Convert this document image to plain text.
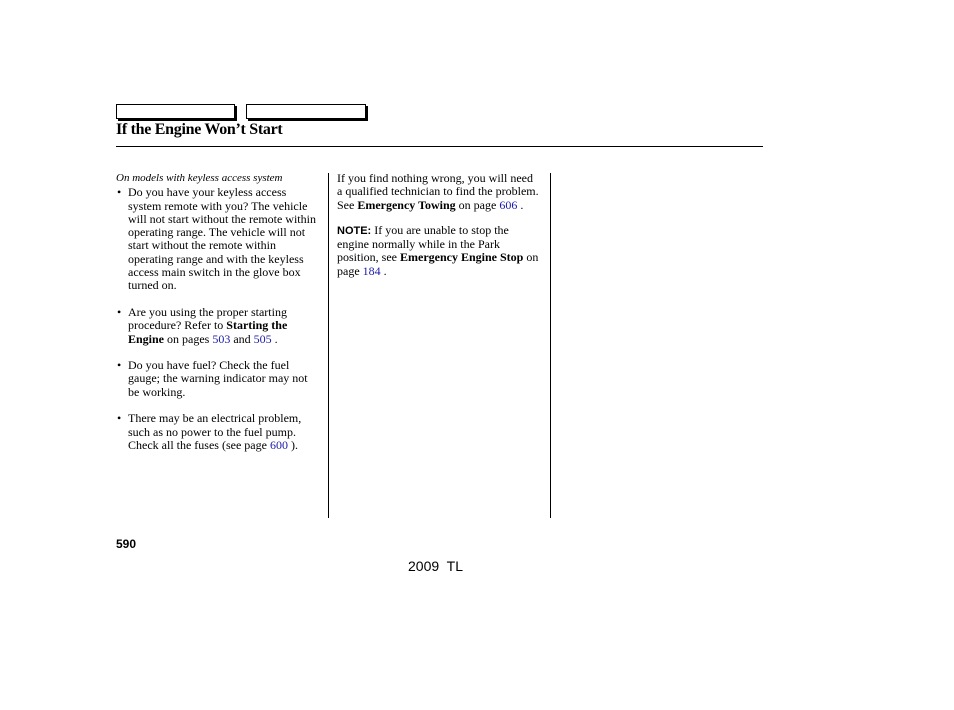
If the Engine Won’t Start
On models with keyless access system
• Do you have your keyless access system remote with you? The vehicle will not start without the remote within operating range. The vehicle will not start without the remote within operating range and with the keyless access main switch in the glove box turned on.
• Are you using the proper starting procedure? Refer to Starting the Engine on pages 503 and 505 .
• Do you have fuel? Check the fuel gauge; the warning indicator may not be working.
• There may be an electrical problem, such as no power to the fuel pump. Check all the fuses (see page 600 ).
If you find nothing wrong, you will need a qualified technician to find the problem. See Emergency Towing on page 606 .
NOTE: If you are unable to stop the engine normally while in the Park position, see Emergency Engine Stop on page 184 .
590
2009  TL
